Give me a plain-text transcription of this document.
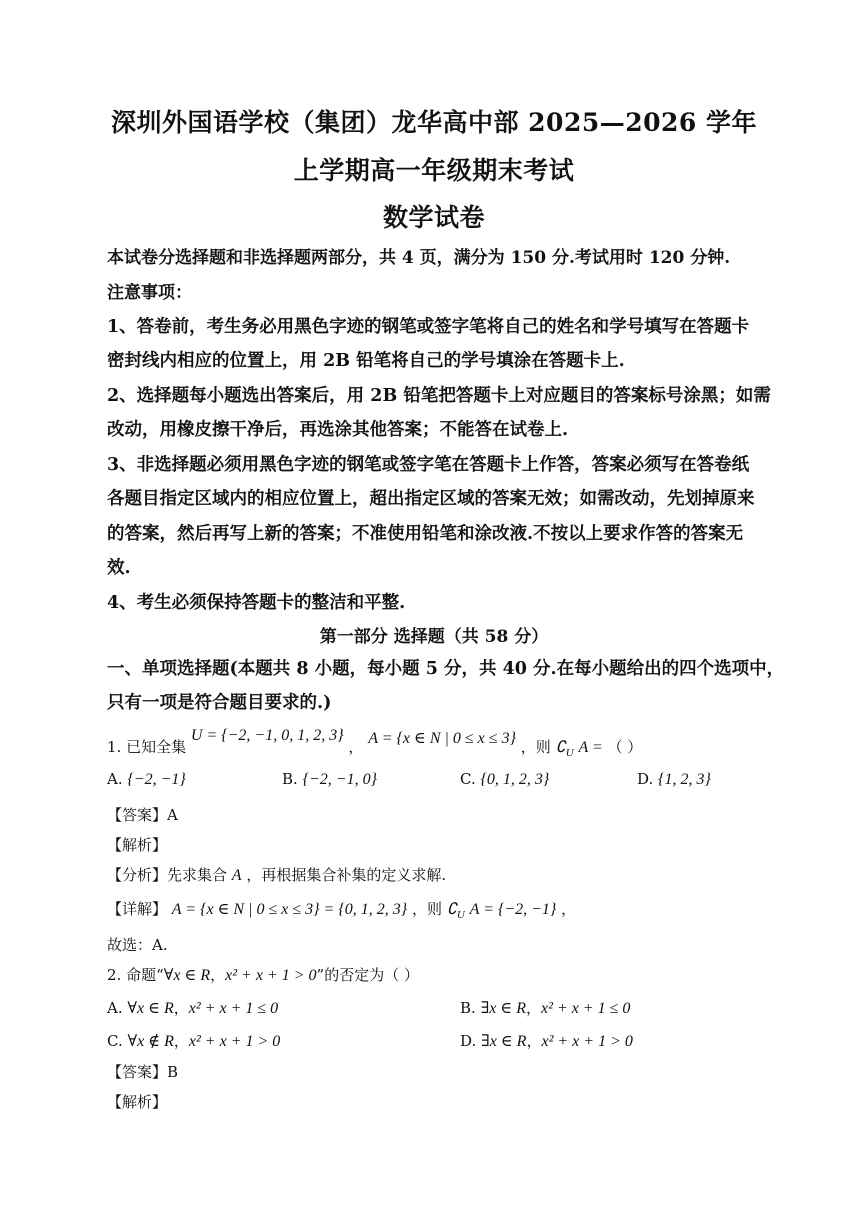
深圳外国语学校（集团）龙华高中部 2025—2026 学年
上学期高一年级期末考试
数学试卷
本试卷分选择题和非选择题两部分，共 4 页，满分为 150 分.考试用时 120 分钟.
注意事项：
1、答卷前，考生务必用黑色字迹的钢笔或签字笔将自己的姓名和学号填写在答题卡
密封线内相应的位置上，用 2B 铅笔将自己的学号填涂在答题卡上.
2、选择题每小题选出答案后，用 2B 铅笔把答题卡上对应题目的答案标号涂黑；如需
改动，用橡皮擦干净后，再选涂其他答案；不能答在试卷上.
3、非选择题必须用黑色字迹的钢笔或签字笔在答题卡上作答，答案必须写在答卷纸
各题目指定区域内的相应位置上，超出指定区域的答案无效；如需改动，先划掉原来
的答案，然后再写上新的答案；不准使用铅笔和涂改液.不按以上要求作答的答案无
效.
4、考生必须保持答题卡的整洁和平整.
第一部分 选择题（共 58 分）
一、单项选择题(本题共 8 小题，每小题 5 分，共 40 分.在每小题给出的四个选项中，
只有一项是符合题目要求的.)
1. 已知全集 U = {−2, −1, 0, 1, 2, 3} ， A = {x ∈ N | 0 ≤ x ≤ 3} ，则 $∁_U$ A = （ ）
A. {−2, −1}	B. {−2, −1, 0}	C. {0, 1, 2, 3}	D. {1, 2, 3}
【答案】A
【解析】
【分析】先求集合 A ，再根据集合补集的定义求解.
【详解】 A = {x ∈ N | 0 ≤ x ≤ 3} = {0, 1, 2, 3} ，则 $∁_U$ A = {−2, −1} ，
故选：A.
2. 命题“∀x ∈ R，x² + x + 1 > 0”的否定为（ ）
A. ∀x ∈ R，x² + x + 1 ≤ 0	B. ∃x ∈ R，x² + x + 1 ≤ 0
C. ∀x ∉ R，x² + x + 1 > 0	D. ∃x ∈ R，x² + x + 1 > 0
【答案】B
【解析】
